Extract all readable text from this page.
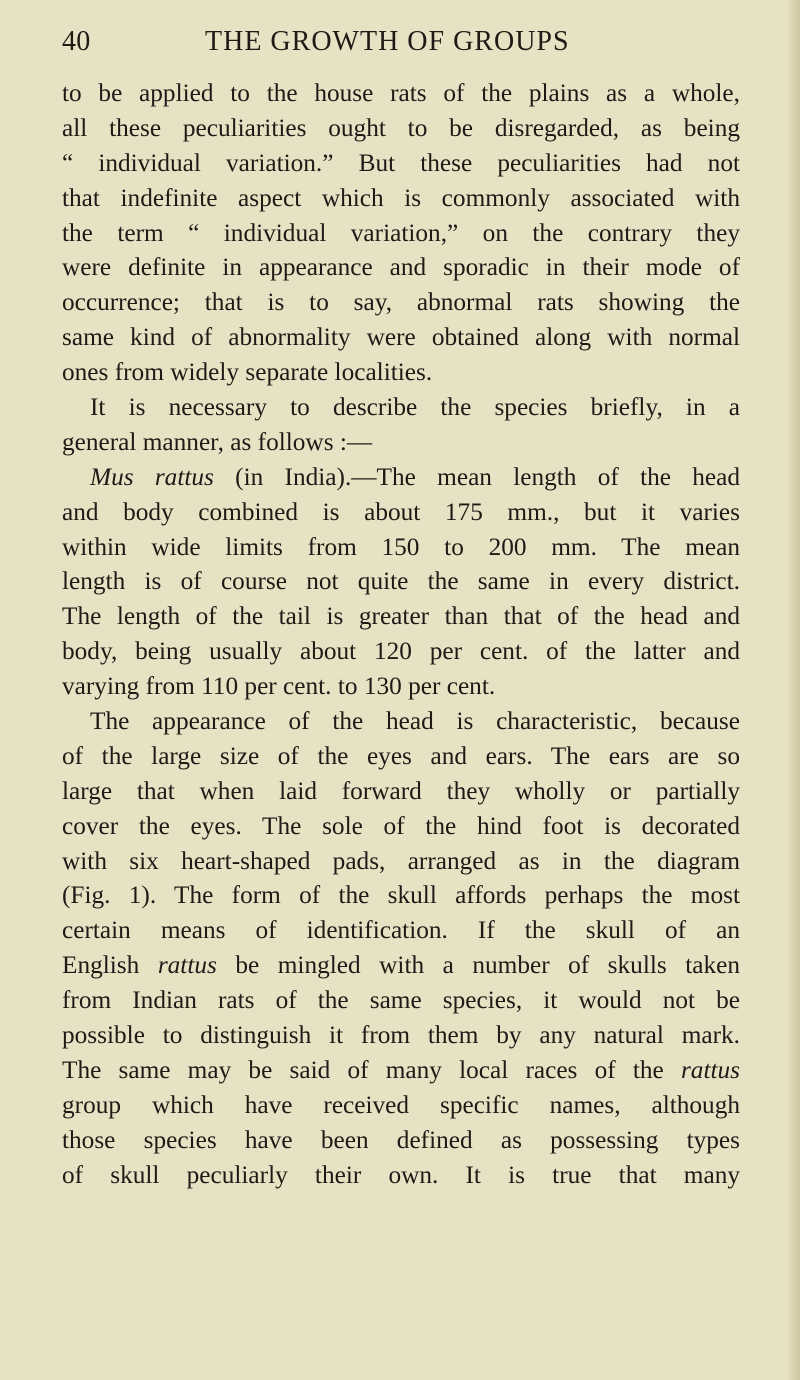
40	THE GROWTH OF GROUPS
to be applied to the house rats of the plains as a whole,
all these peculiarities ought to be disregarded, as being
“ individual variation.” But these peculiarities had not
that indefinite aspect which is commonly associated with
the term “ individual variation,” on the contrary they
were definite in appearance and sporadic in their mode of
occurrence; that is to say, abnormal rats showing the
same kind of abnormality were obtained along with normal
ones from widely separate localities.
It is necessary to describe the species briefly, in a
general manner, as follows :—
Mus rattus (in India).—The mean length of the head
and body combined is about 175 mm., but it varies
within wide limits from 150 to 200 mm. The mean
length is of course not quite the same in every district.
The length of the tail is greater than that of the head and
body, being usually about 120 per cent. of the latter and
varying from 110 per cent. to 130 per cent.
The appearance of the head is characteristic, because
of the large size of the eyes and ears. The ears are so
large that when laid forward they wholly or partially
cover the eyes. The sole of the hind foot is decorated
with six heart-shaped pads, arranged as in the diagram
(Fig. 1). The form of the skull affords perhaps the most
certain means of identification. If the skull of an
English rattus be mingled with a number of skulls taken
from Indian rats of the same species, it would not be
possible to distinguish it from them by any natural mark.
The same may be said of many local races of the rattus
group which have received specific names, although
those species have been defined as possessing types
of skull peculiarly their own. It is true that many
